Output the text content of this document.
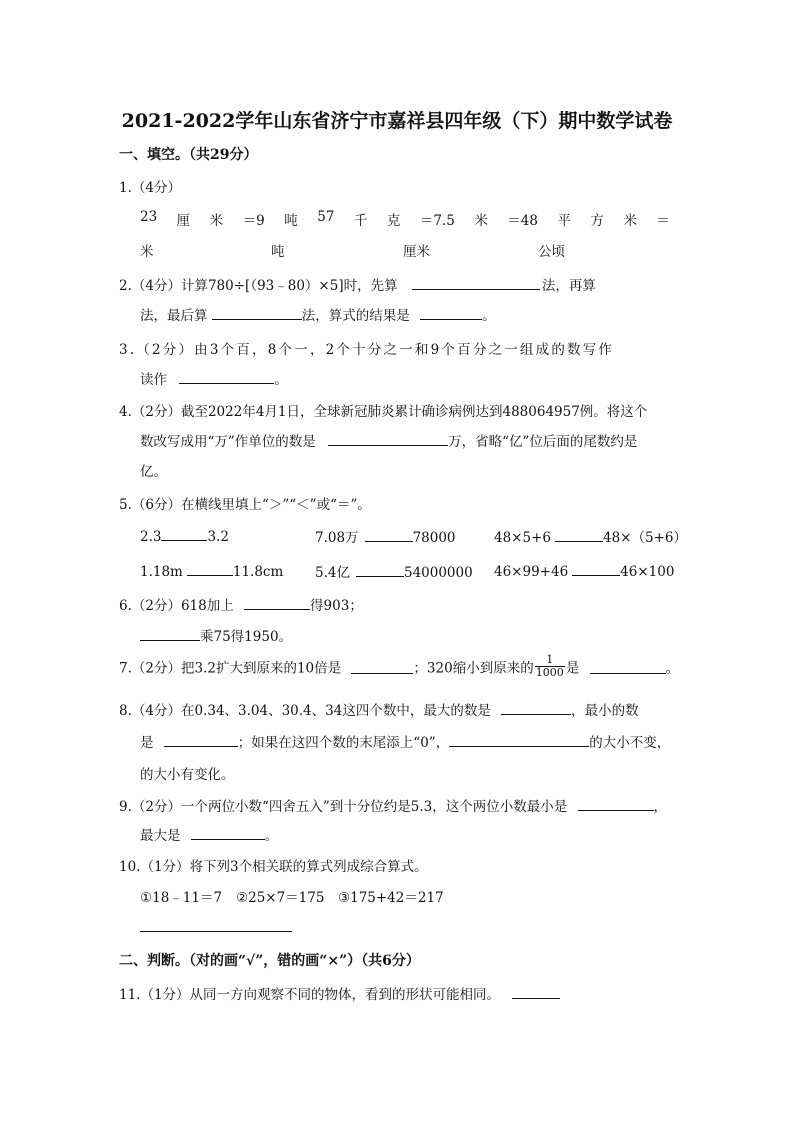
2021-2022学年山东省济宁市嘉祥县四年级（下）期中数学试卷
一、填空。（共29分）
1.（4分）
23 厘 米 ＝9 吨 57 千 克 ＝7.5 米 ＝48 平 方 米 ＝
米	吨	厘米	公顷
2.（4分）计算780÷[（93﹣80）×5]时，先算	法，再算
法，最后算	法，算式的结果是	。
3.（2分）由3个百，8个一，2个十分之一和9个百分之一组成的数写作
读作	。
4.（2分）截至2022年4月1日，全球新冠肺炎累计确诊病例达到488064957例。将这个
数改写成用“万”作单位的数是	万，省略“亿”位后面的尾数约是
亿。
5.（6分）在横线里填上“＞”“＜”或“＝”。
2.3	3.2	7.08万	78000	48×5+6	48×（5+6）
1.18m	11.8cm 5.4亿	54000000 46×99+46	46×100
6.（2分）618加上	得903；
乘75得1950。
7.（2分）把3.2扩大到原来的10倍是	；320缩小到原来的 $\frac{1}{1000}$ 是	。
8.（4分）在0.34、3.04、30.4、34这四个数中，最大的数是	，最小的数
是	；如果在这四个数的末尾添上“0”，	的大小不变，
的大小有变化。
9.（2分）一个两位小数“四舍五入”到十分位约是5.3，这个两位小数最小是	，
最大是	。
10.（1分）将下列3个相关联的算式列成综合算式。
①18﹣11＝7 ②25×7＝175 ③175+42＝217
二、判断。（对的画“√”，错的画“×”）（共6分）
11.（1分）从同一方向观察不同的物体，看到的形状可能相同。
